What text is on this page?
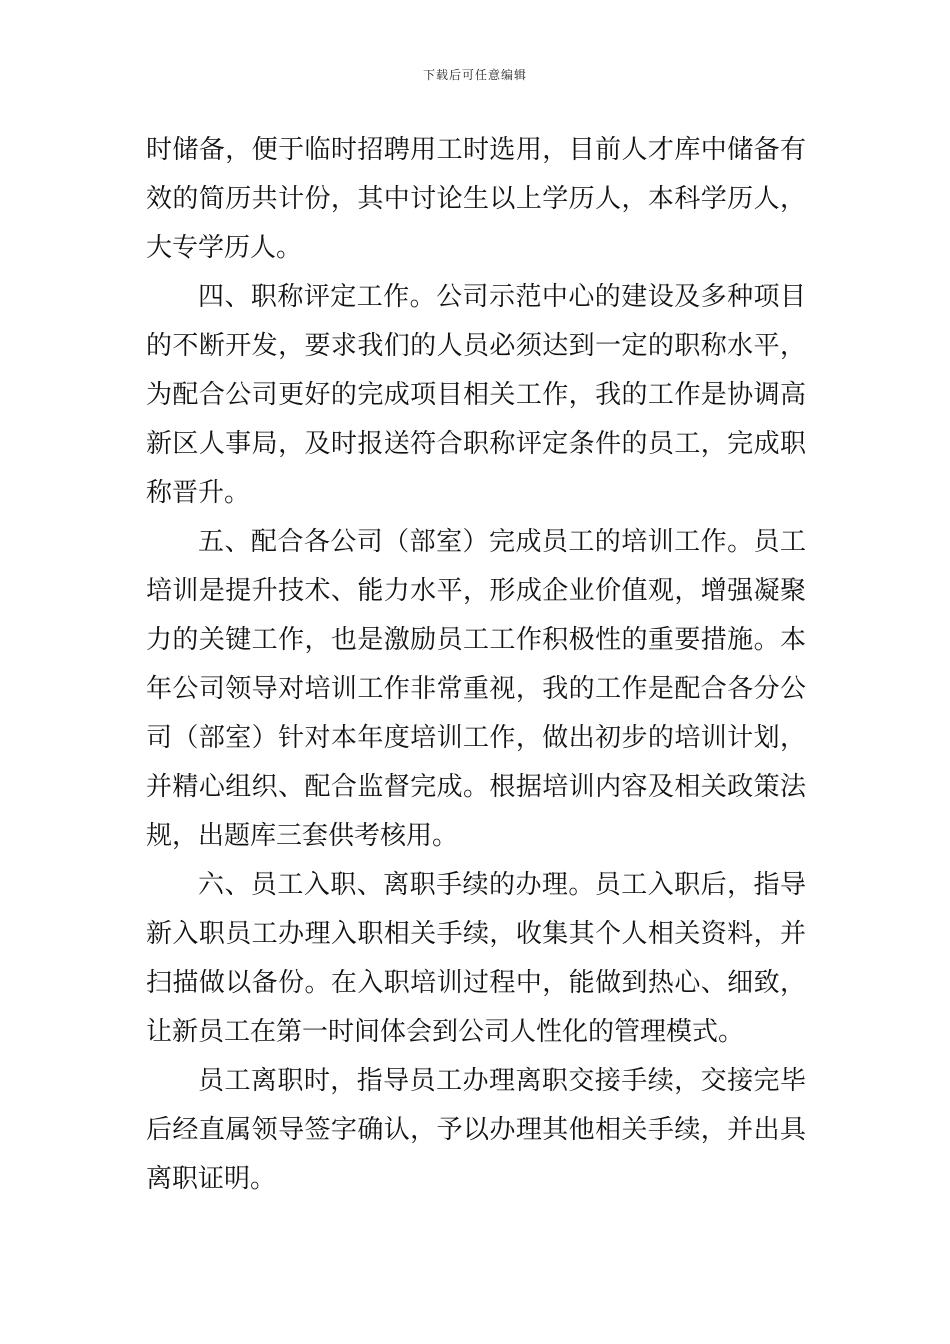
下载后可任意编辑

时储备，便于临时招聘用工时选用，目前人才库中储备有效的简历共计份，其中讨论生以上学历人，本科学历人，大专学历人。

四、职称评定工作。公司示范中心的建设及多种项目的不断开发，要求我们的人员必须达到一定的职称水平，为配合公司更好的完成项目相关工作，我的工作是协调高新区人事局，及时报送符合职称评定条件的员工，完成职称晋升。

五、配合各公司（部室）完成员工的培训工作。员工培训是提升技术、能力水平，形成企业价值观，增强凝聚力的关键工作，也是激励员工工作积极性的重要措施。本年公司领导对培训工作非常重视，我的工作是配合各分公司（部室）针对本年度培训工作，做出初步的培训计划，并精心组织、配合监督完成。根据培训内容及相关政策法规，出题库三套供考核用。

六、员工入职、离职手续的办理。员工入职后，指导新入职员工办理入职相关手续，收集其个人相关资料，并扫描做以备份。在入职培训过程中，能做到热心、细致，让新员工在第一时间体会到公司人性化的管理模式。

员工离职时，指导员工办理离职交接手续，交接完毕后经直属领导签字确认，予以办理其他相关手续，并出具离职证明。
